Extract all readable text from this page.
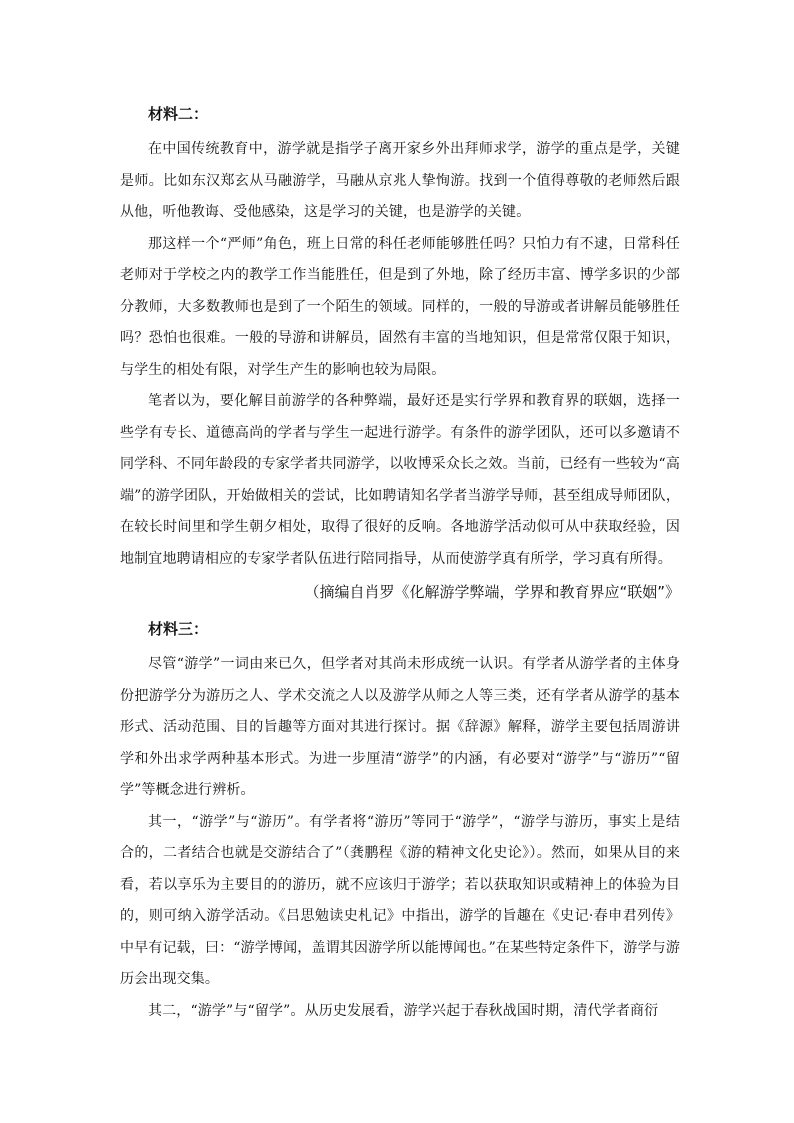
材料二：

在中国传统教育中，游学就是指学子离开家乡外出拜师求学，游学的重点是学，关键是师。比如东汉郑玄从马融游学，马融从京兆人挚恂游。找到一个值得尊敬的老师然后跟从他，听他教诲、受他感染，这是学习的关键，也是游学的关键。

那这样一个“严师”角色，班上日常的科任老师能够胜任吗？只怕力有不逮，日常科任老师对于学校之内的教学工作当能胜任，但是到了外地，除了经历丰富、博学多识的少部分教师，大多数教师也是到了一个陌生的领域。同样的，一般的导游或者讲解员能够胜任吗？恐怕也很难。一般的导游和讲解员，固然有丰富的当地知识，但是常常仅限于知识，与学生的相处有限，对学生产生的影响也较为局限。

笔者以为，要化解目前游学的各种弊端，最好还是实行学界和教育界的联姻，选择一些学有专长、道德高尚的学者与学生一起进行游学。有条件的游学团队，还可以多邀请不同学科、不同年龄段的专家学者共同游学，以收博采众长之效。当前，已经有一些较为“高端”的游学团队，开始做相关的尝试，比如聘请知名学者当游学导师，甚至组成导师团队，在较长时间里和学生朝夕相处，取得了很好的反响。各地游学活动似可从中获取经验，因地制宜地聘请相应的专家学者队伍进行陪同指导，从而使游学真有所学，学习真有所得。

（摘编自肖罗《化解游学弊端，学界和教育界应“联姻”》

材料三：

尽管“游学”一词由来已久，但学者对其尚未形成统一认识。有学者从游学者的主体身份把游学分为游历之人、学术交流之人以及游学从师之人等三类，还有学者从游学的基本形式、活动范围、目的旨趣等方面对其进行探讨。据《辞源》解释，游学主要包括周游讲学和外出求学两种基本形式。为进一步厘清“游学”的内涵，有必要对“游学”与“游历”“留学”等概念进行辨析。

其一，“游学”与“游历”。有学者将“游历”等同于“游学”，“游学与游历，事实上是结合的，二者结合也就是交游结合了”（龚鹏程《游的精神文化史论》）。然而，如果从目的来看，若以享乐为主要目的的游历，就不应该归于游学；若以获取知识或精神上的体验为目的，则可纳入游学活动。《吕思勉读史札记》中指出，游学的旨趣在《史记·春申君列传》中早有记载，曰：“游学博闻，盖谓其因游学所以能博闻也。”在某些特定条件下，游学与游历会出现交集。

其二，“游学”与“留学”。从历史发展看，游学兴起于春秋战国时期，清代学者商衍
